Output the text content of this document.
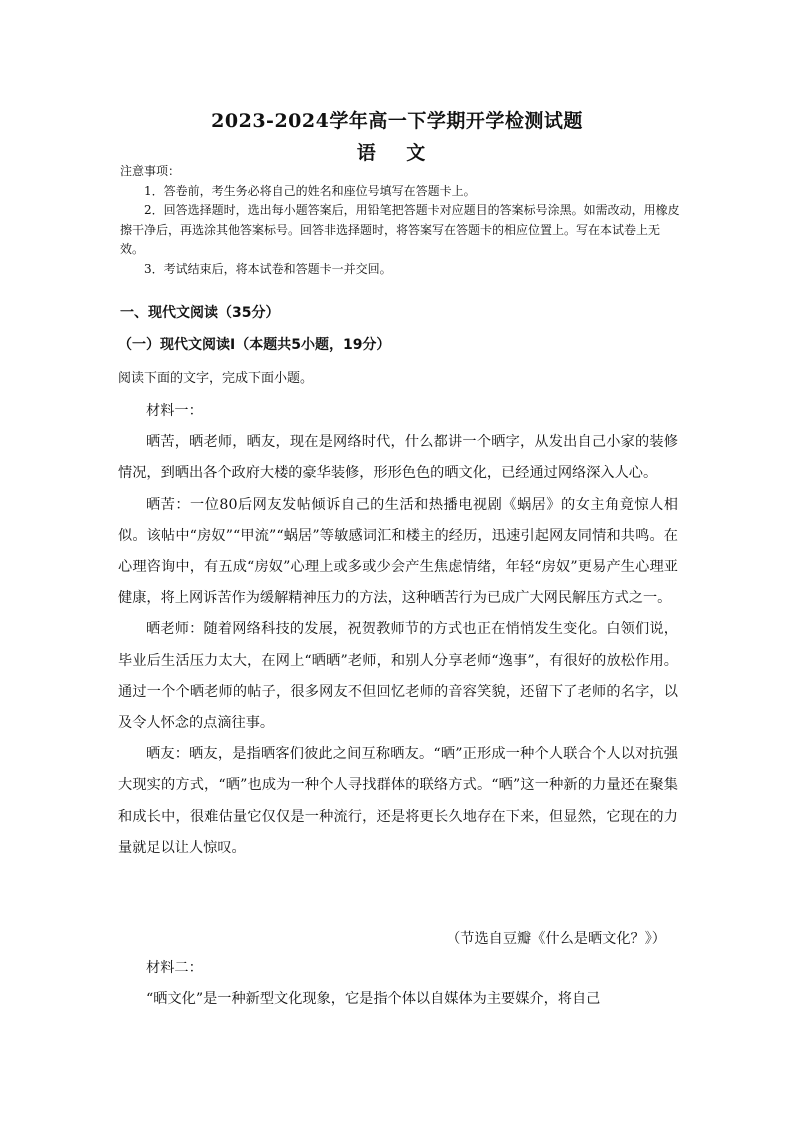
2023-2024学年高一下学期开学检测试题
语 文

注意事项：

1．答卷前，考生务必将自己的姓名和座位号填写在答题卡上。

2．回答选择题时，选出每小题答案后，用铅笔把答题卡对应题目的答案标号涂黑。如需改动，用橡皮擦干净后，再选涂其他答案标号。回答非选择题时，将答案写在答题卡的相应位置上。写在本试卷上无效。

3．考试结束后，将本试卷和答题卡一并交回。

一、现代文阅读（35分）
（一）现代文阅读Ⅰ（本题共5小题，19分）
阅读下面的文字，完成下面小题。

材料一：

晒苦，晒老师，晒友，现在是网络时代，什么都讲一个晒字，从发出自己小家的装修情况，到晒出各个政府大楼的豪华装修，形形色色的晒文化，已经通过网络深入人心。

晒苦：一位80后网友发帖倾诉自己的生活和热播电视剧《蜗居》的女主角竟惊人相似。该帖中“房奴”“甲流”“蜗居”等敏感词汇和楼主的经历，迅速引起网友同情和共鸣。在心理咨询中，有五成“房奴”心理上或多或少会产生焦虑情绪，年轻“房奴”更易产生心理亚健康，将上网诉苦作为缓解精神压力的方法，这种晒苦行为已成广大网民解压方式之一。

晒老师：随着网络科技的发展，祝贺教师节的方式也正在悄悄发生变化。白领们说，毕业后生活压力太大，在网上“晒晒”老师，和别人分享老师“逸事”，有很好的放松作用。通过一个个晒老师的帖子，很多网友不但回忆老师的音容笑貌，还留下了老师的名字，以及令人怀念的点滴往事。

晒友：晒友，是指晒客们彼此之间互称晒友。“晒”正形成一种个人联合个人以对抗强大现实的方式，“晒”也成为一种个人寻找群体的联络方式。“晒”这一种新的力量还在聚集和成长中，很难估量它仅仅是一种流行，还是将更长久地存在下来，但显然，它现在的力量就足以让人惊叹。

（节选自豆瓣《什么是晒文化？》）

材料二：

“晒文化”是一种新型文化现象，它是指个体以自媒体为主要媒介，将自己
